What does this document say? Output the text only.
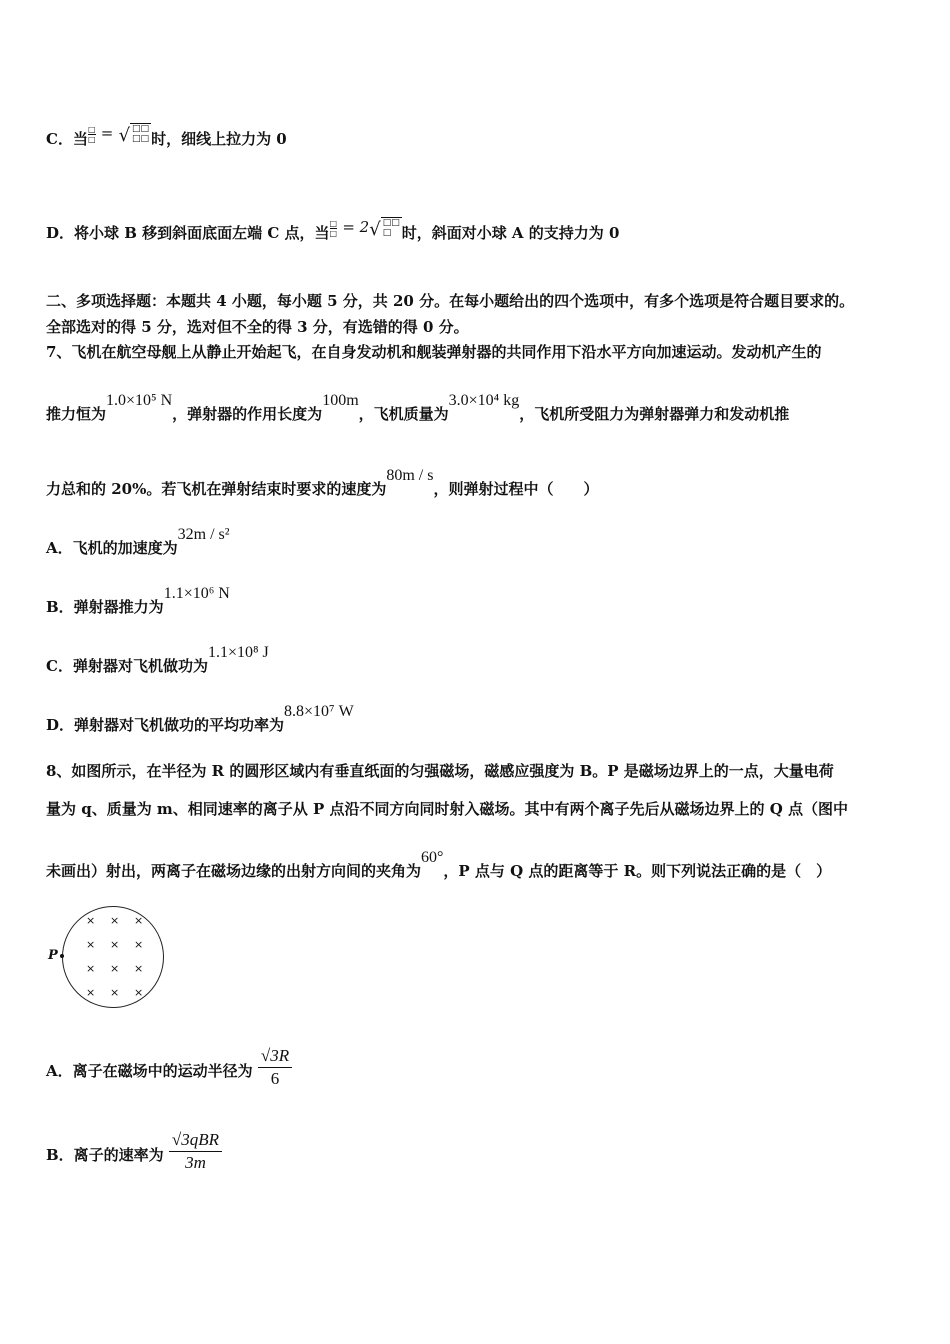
C．当
□
□ = √ □□
□□ 时，细线上拉力为 0
D．将小球 B 移到斜面底面左端 C 点，当
□
□ = 2√ □□
□ 时，斜面对小球 A 的支持力为 0
二、多项选择题：本题共 4 小题，每小题 5 分，共 20 分。在每小题给出的四个选项中，有多个选项是符合题目要求的。
全部选对的得 5 分，选对但不全的得 3 分，有选错的得 0 分。
7、飞机在航空母舰上从静止开始起飞，在自身发动机和舰装弹射器的共同作用下沿水平方向加速运动。发动机产生的
推力恒为1.0×10⁵ N，弹射器的作用长度为100m，飞机质量为3.0×10⁴ kg，飞机所受阻力为弹射器弹力和发动机推
力总和的 20%。若飞机在弹射结束时要求的速度为80m / s，则弹射过程中（　　）
A．飞机的加速度为32m / s²
B．弹射器推力为1.1×10⁶ N
C．弹射器对飞机做功为1.1×10⁸ J
D．弹射器对飞机做功的平均功率为8.8×10⁷ W
8、如图所示，在半径为 R 的圆形区域内有垂直纸面的匀强磁场，磁感应强度为 B。P 是磁场边界上的一点，大量电荷
量为 q、质量为 m、相同速率的离子从 P 点沿不同方向同时射入磁场。其中有两个离子先后从磁场边界上的 Q 点（图中
未画出）射出，两离子在磁场边缘的出射方向间的夹角为60°，P 点与 Q 点的距离等于 R。则下列说法正确的是（　）
P
× × ×
× × ×
× × ×
× × ×
A．离子在磁场中的运动半径为 $\frac{√3R}{6}$
B．离子的速率为 $\frac{\text{√3qBR}}{3m}$
